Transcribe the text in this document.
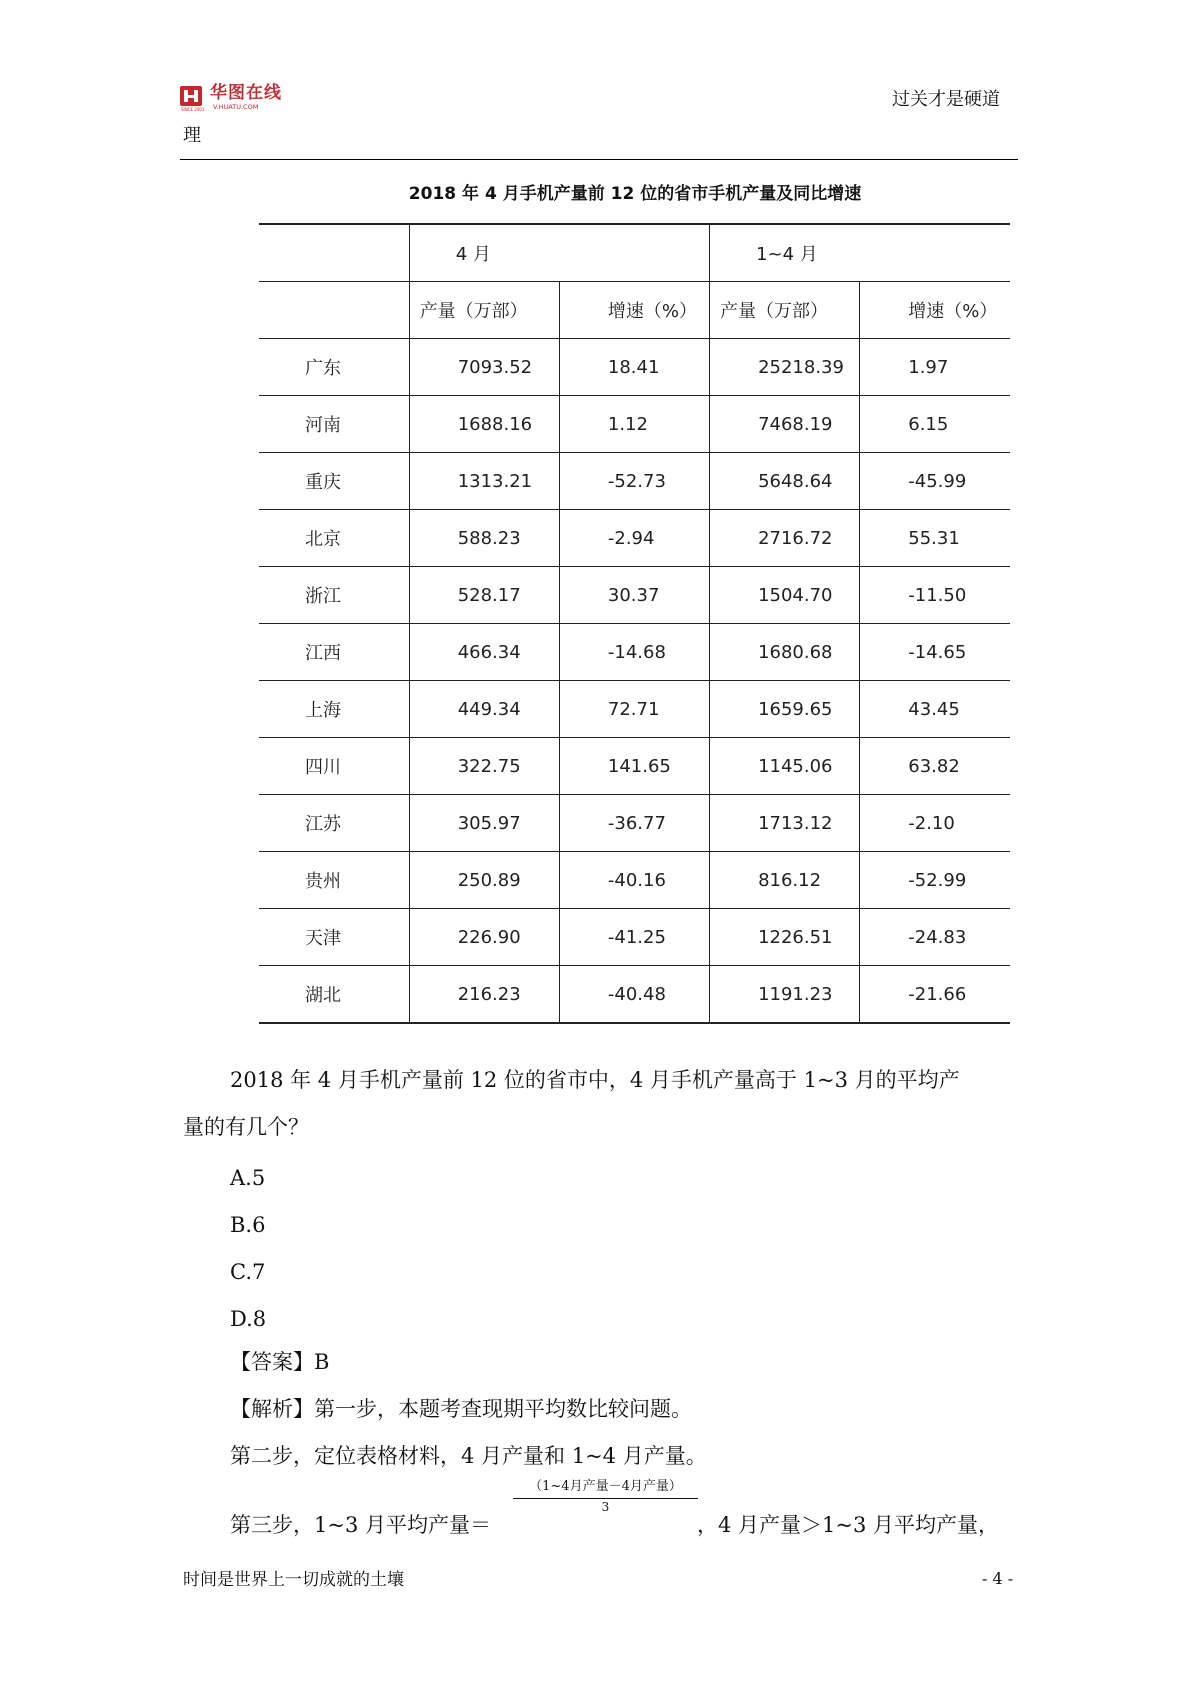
华图在线
V.HUATU.COM
SINCE 2001	过关才是硬道
理
2018 年 4 月手机产量前 12 位的省市手机产量及同比增速
	4 月		1~4 月	
	产量（万部）	增速（%）	产量（万部）	增速（%）
广东	7093.52	18.41	25218.39	1.97
河南	1688.16	1.12	7468.19	6.15
重庆	1313.21	-52.73	5648.64	-45.99
北京	588.23	-2.94	2716.72	55.31
浙江	528.17	30.37	1504.70	-11.50
江西	466.34	-14.68	1680.68	-14.65
上海	449.34	72.71	1659.65	43.45
四川	322.75	141.65	1145.06	63.82
江苏	305.97	-36.77	1713.12	-2.10
贵州	250.89	-40.16	816.12	-52.99
天津	226.90	-41.25	1226.51	-24.83
湖北	216.23	-40.48	1191.23	-21.66
2018 年 4 月手机产量前 12 位的省市中，4 月手机产量高于 1~3 月的平均产
量的有几个？
A.5
B.6
C.7
D.8
【答案】B
【解析】第一步，本题考查现期平均数比较问题。
第二步，定位表格材料，4 月产量和 1~4 月产量。
第三步，1~3 月平均产量＝
（1~4月产量－4月产量）
3
，4 月产量＞1~3 月平均产量，
时间是世界上一切成就的土壤	- 4 -
